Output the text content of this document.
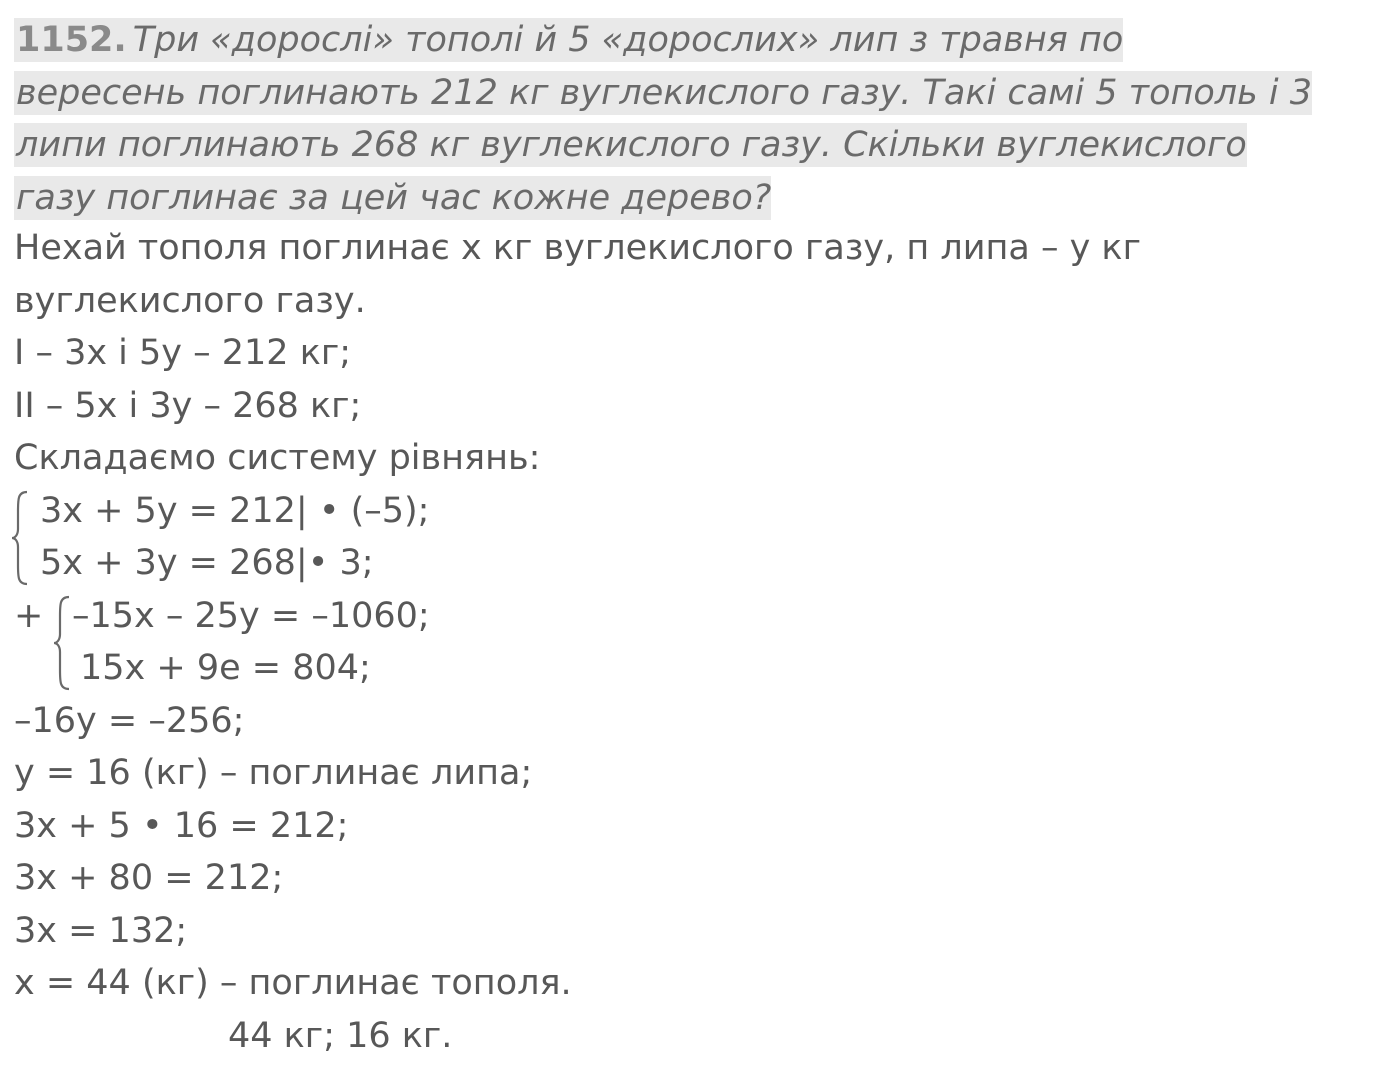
1152. Три «дорослі» тополі й 5 «дорослих» лип з травня по
вересень поглинають 212 кг вуглекислого газу. Такі самі 5 тополь і 3
липи поглинають 268 кг вуглекислого газу. Скільки вуглекислого
газу поглинає за цей час кожне дерево?
Нехай тополя поглинає x кг вуглекислого газу, п липа – y кг
вуглекислого газу.
I – 3x і 5y – 212 кг;
II – 5x і 3y – 268 кг;
Складаємо систему рівнянь:
3x + 5y = 212| • (–5);
5x + 3y = 268|• 3;
+ –15x – 25y = –1060;
15x + 9e = 804;
–16y = –256;
y = 16 (кг) – поглинає липа;
3x + 5 • 16 = 212;
3x + 80 = 212;
3x = 132;
x = 44 (кг) – поглинає тополя.
44 кг; 16 кг.
